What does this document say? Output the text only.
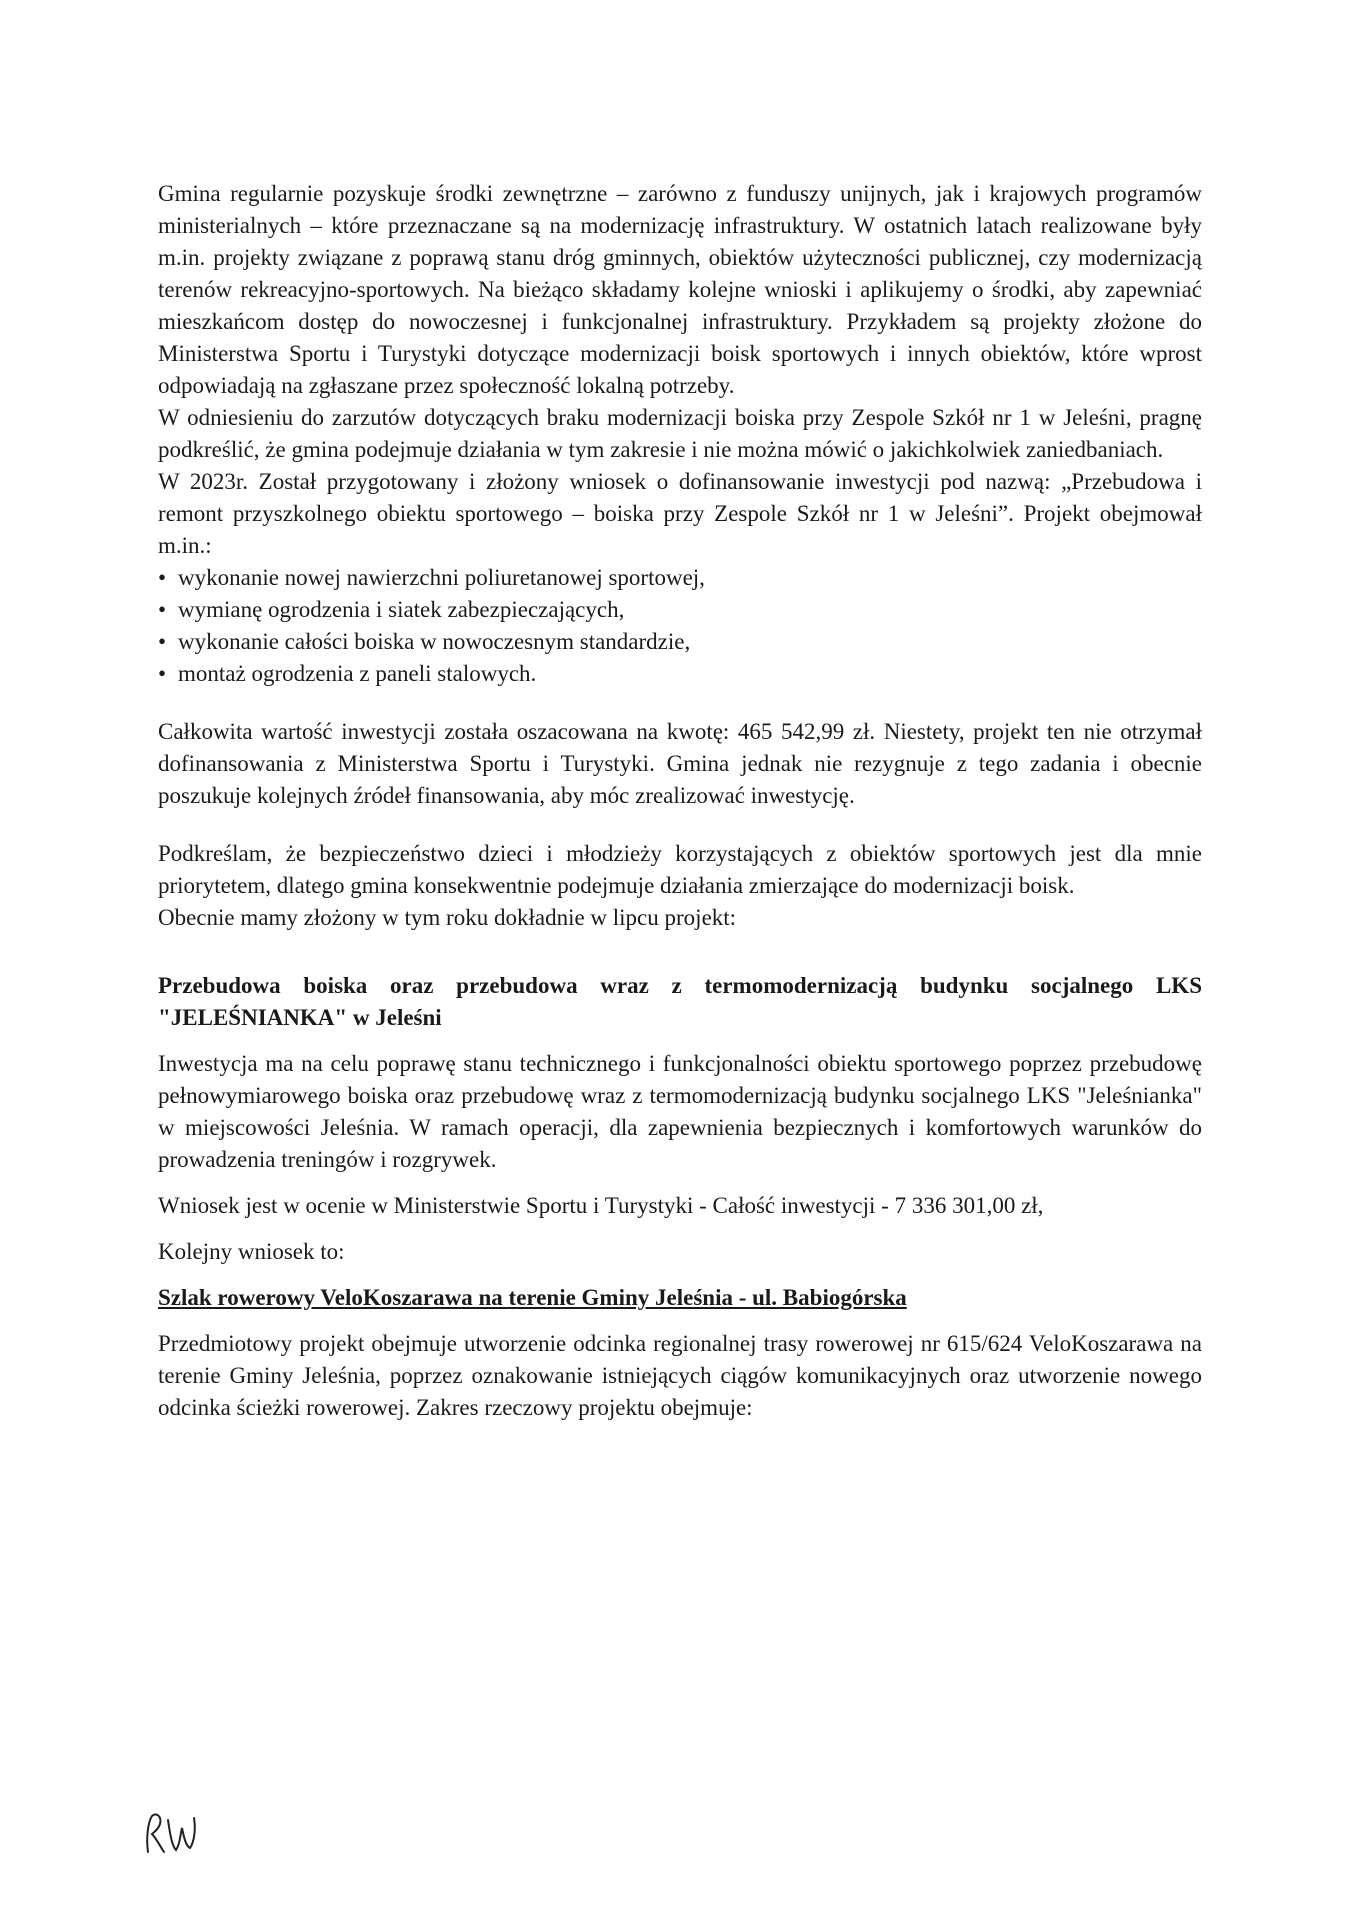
Gmina regularnie pozyskuje środki zewnętrzne – zarówno z funduszy unijnych, jak i krajowych programów ministerialnych – które przeznaczane są na modernizację infrastruktury. W ostatnich latach realizowane były m.in. projekty związane z poprawą stanu dróg gminnych, obiektów użyteczności publicznej, czy modernizacją terenów rekreacyjno-sportowych. Na bieżąco składamy kolejne wnioski i aplikujemy o środki, aby zapewniać mieszkańcom dostęp do nowoczesnej i funkcjonalnej infrastruktury. Przykładem są projekty złożone do Ministerstwa Sportu i Turystyki dotyczące modernizacji boisk sportowych i innych obiektów, które wprost odpowiadają na zgłaszane przez społeczność lokalną potrzeby.

W odniesieniu do zarzutów dotyczących braku modernizacji boiska przy Zespole Szkół nr 1 w Jeleśni, pragnę podkreślić, że gmina podejmuje działania w tym zakresie i nie można mówić o jakichkolwiek zaniedbaniach.

W 2023r. Został przygotowany i złożony wniosek o dofinansowanie inwestycji pod nazwą: „Przebudowa i remont przyszkolnego obiektu sportowego – boiska przy Zespole Szkół nr 1 w Jeleśni”. Projekt obejmował m.in.:

• wykonanie nowej nawierzchni poliuretanowej sportowej,
• wymianę ogrodzenia i siatek zabezpieczających,
• wykonanie całości boiska w nowoczesnym standardzie,
• montaż ogrodzenia z paneli stalowych.

Całkowita wartość inwestycji została oszacowana na kwotę: 465 542,99 zł. Niestety, projekt ten nie otrzymał dofinansowania z Ministerstwa Sportu i Turystyki. Gmina jednak nie rezygnuje z tego zadania i obecnie poszukuje kolejnych źródeł finansowania, aby móc zrealizować inwestycję.

Podkreślam, że bezpieczeństwo dzieci i młodzieży korzystających z obiektów sportowych jest dla mnie priorytetem, dlatego gmina konsekwentnie podejmuje działania zmierzające do modernizacji boisk.

Obecnie mamy złożony w tym roku dokładnie w lipcu projekt:

Przebudowa boiska oraz przebudowa wraz z termomodernizacją budynku socjalnego LKS "JELEŚNIANKA" w Jeleśni

Inwestycja ma na celu poprawę stanu technicznego i funkcjonalności obiektu sportowego poprzez przebudowę pełnowymiarowego boiska oraz przebudowę wraz z termomodernizacją budynku socjalnego LKS "Jeleśnianka" w miejscowości Jeleśnia. W ramach operacji, dla zapewnienia bezpiecznych i komfortowych warunków do prowadzenia treningów i rozgrywek.

Wniosek jest w ocenie w Ministerstwie Sportu i Turystyki - Całość inwestycji - 7 336 301,00 zł,

Kolejny wniosek to:

Szlak rowerowy VeloKoszarawa na terenie Gminy Jeleśnia - ul. Babiogórska

Przedmiotowy projekt obejmuje utworzenie odcinka regionalnej trasy rowerowej nr 615/624 VeloKoszarawa na terenie Gminy Jeleśnia, poprzez oznakowanie istniejących ciągów komunikacyjnych oraz utworzenie nowego odcinka ścieżki rowerowej. Zakres rzeczowy projektu obejmuje:
